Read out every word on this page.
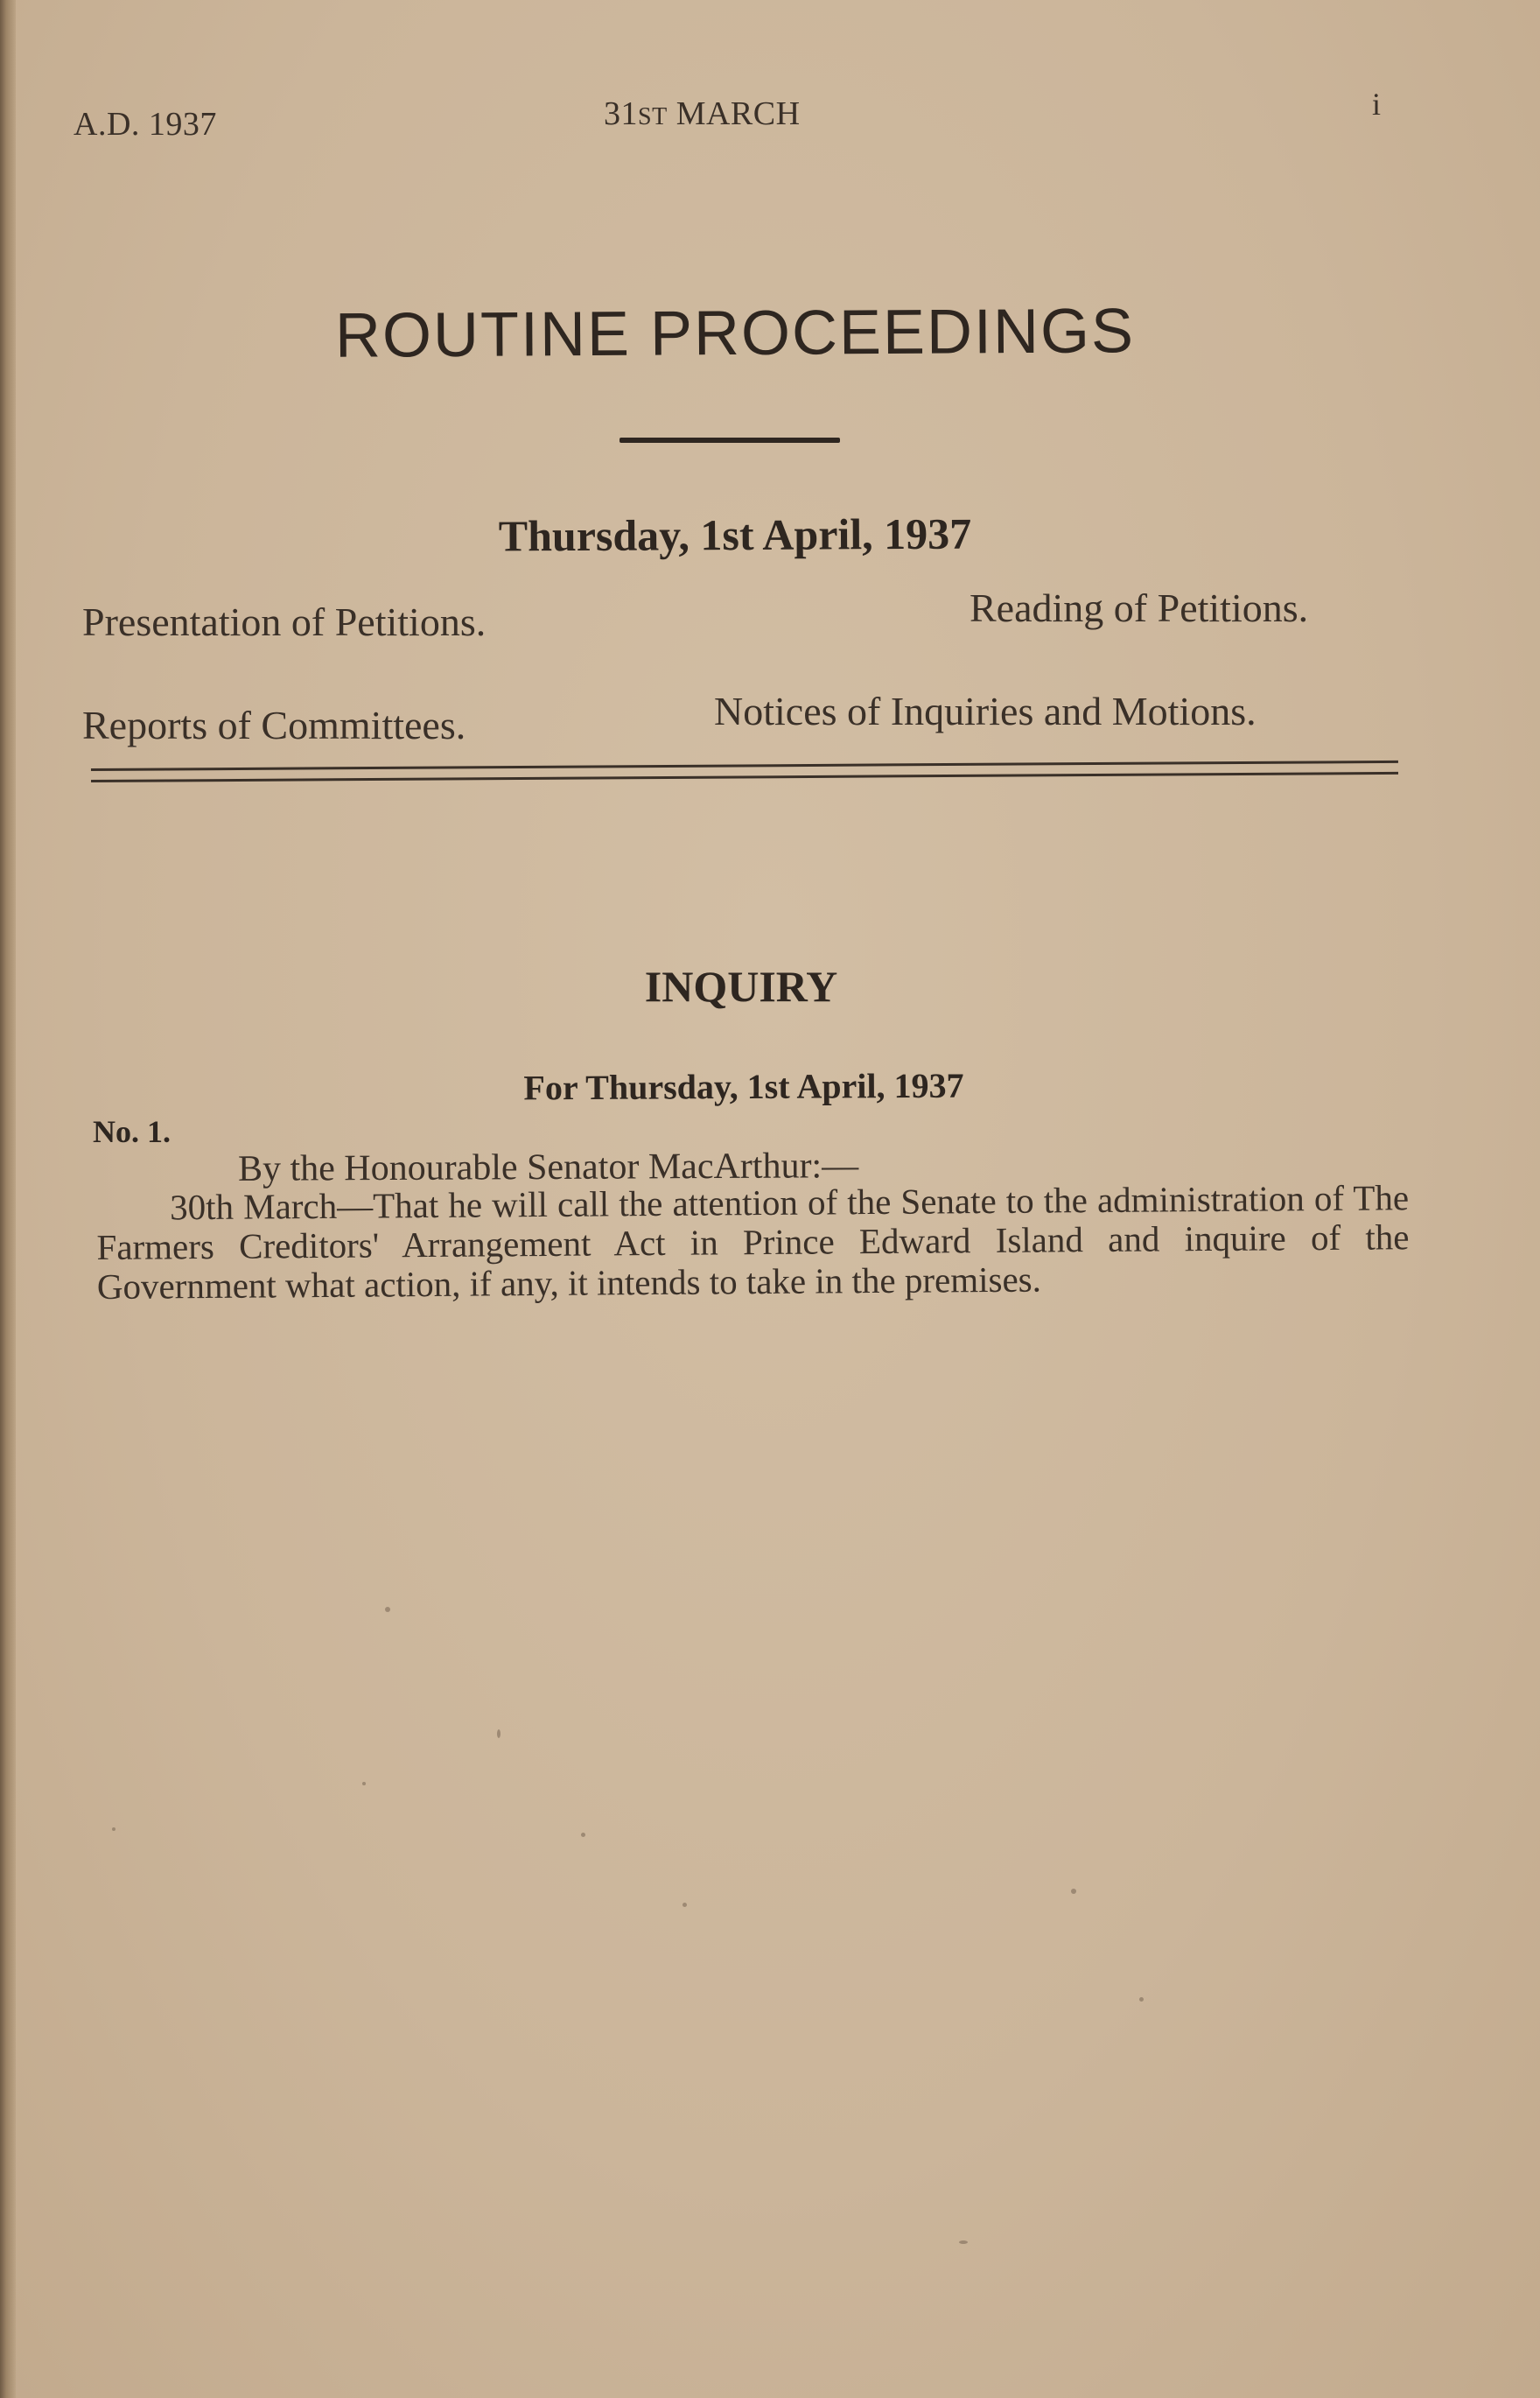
A.D. 1937	31ST MARCH	i
ROUTINE PROCEEDINGS
Thursday, 1st April, 1937
Presentation of Petitions.	Reading of Petitions.
Reports of Committees.	Notices of Inquiries and Motions.
INQUIRY
For Thursday, 1st April, 1937
No. 1.
By the Honourable Senator MacArthur:—
30th March—That he will call the attention of the Senate to the administration of The Farmers Creditors' Arrangement Act in Prince Edward Island and inquire of the Government what action, if any, it intends to take in the premises.
